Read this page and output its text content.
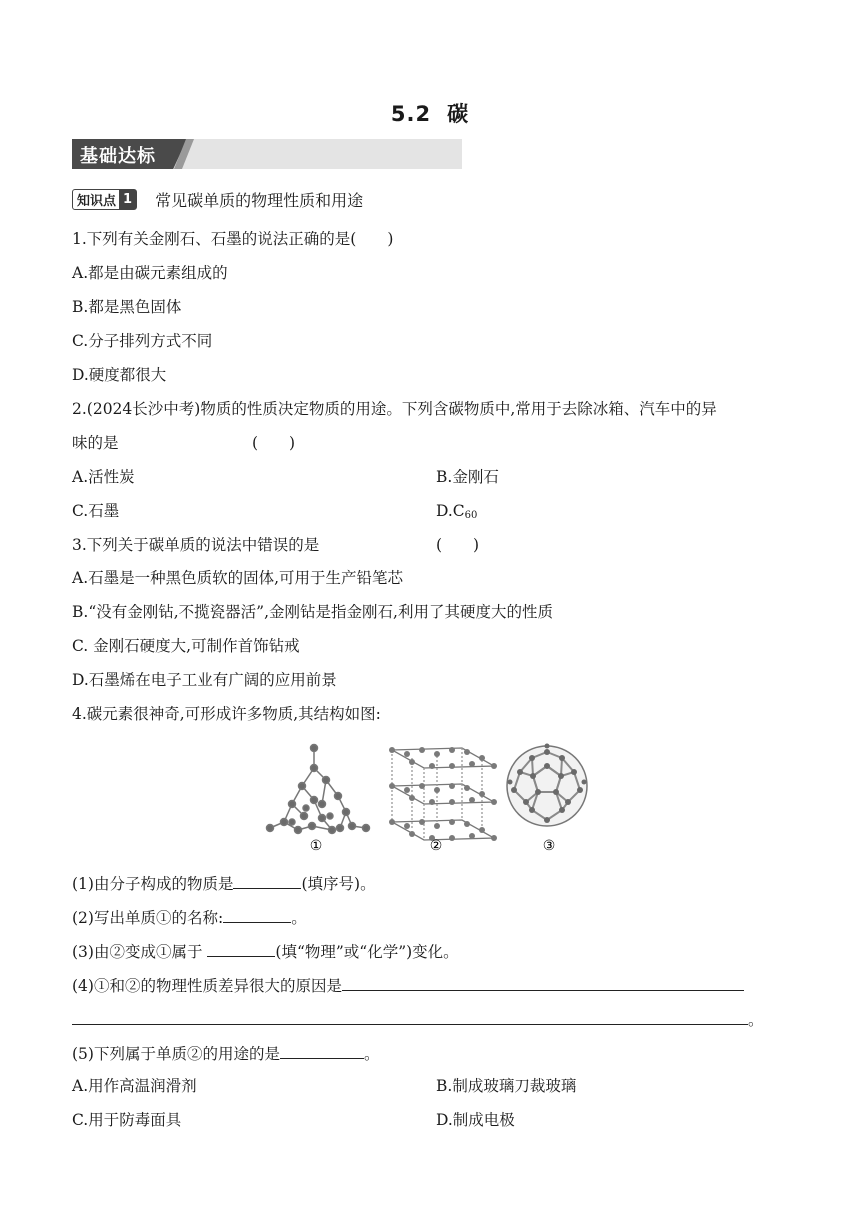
5.2 碳
基础达标
知识点 1 常见碳单质的物理性质和用途
1.下列有关金刚石、石墨的说法正确的是(　　)
A.都是由碳元素组成的
B.都是黑色固体
C.分子排列方式不同
D.硬度都很大
2.(2024长沙中考)物质的性质决定物质的用途。下列含碳物质中,常用于去除冰箱、汽车中的异
味的是	(　　)
A.活性炭	B.金刚石
C.石墨	$D.C_{60}$
3.下列关于碳单质的说法中错误的是	(　　)
A.石墨是一种黑色质软的固体,可用于生产铅笔芯
B.“没有金刚钻,不揽瓷器活”,金刚钻是指金刚石,利用了其硬度大的性质
C. 金刚石硬度大,可制作首饰钻戒
D.石墨烯在电子工业有广阔的应用前景
4.碳元素很神奇,可形成许多物质,其结构如图:
①	②	③
(1)由分子构成的物质是	(填序号)。
(2)写出单质①的名称:	。
(3)由②变成①属于	(填“物理”或“化学”)变化。
(4)①和②的物理性质差异很大的原因是
。
(5)下列属于单质②的用途的是	。
A.用作高温润滑剂	B.制成玻璃刀裁玻璃
C.用于防毒面具	D.制成电极
